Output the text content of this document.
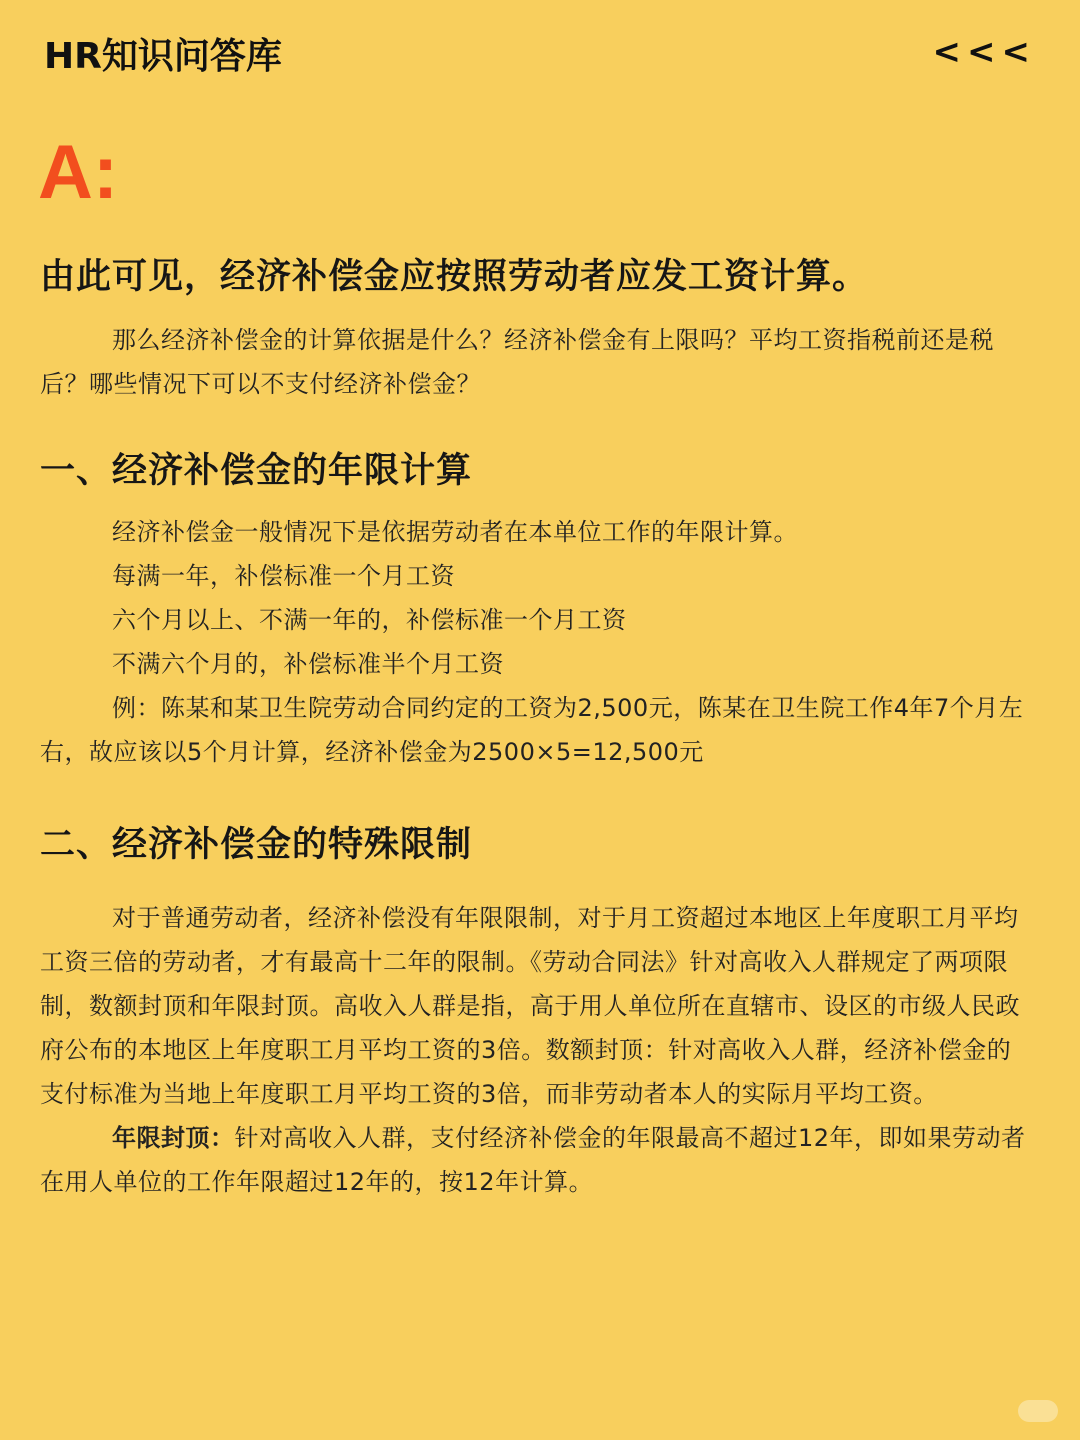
HR知识问答库	<<<
A:
由此可见，经济补偿金应按照劳动者应发工资计算。

那么经济补偿金的计算依据是什么？经济补偿金有上限吗？平均工资指税前还是税后？哪些情况下可以不支付经济补偿金？

一、经济补偿金的年限计算
经济补偿金一般情况下是依据劳动者在本单位工作的年限计算。
每满一年，补偿标准一个月工资
六个月以上、不满一年的，补偿标准一个月工资
不满六个月的，补偿标准半个月工资

例：陈某和某卫生院劳动合同约定的工资为2,500元，陈某在卫生院工作4年7个月左右，故应该以5个月计算，经济补偿金为2500×5=12,500元

二、经济补偿金的特殊限制

对于普通劳动者，经济补偿没有年限限制，对于月工资超过本地区上年度职工月平均工资三倍的劳动者，才有最高十二年的限制。《劳动合同法》针对高收入人群规定了两项限制，数额封顶和年限封顶。高收入人群是指，高于用人单位所在直辖市、设区的市级人民政府公布的本地区上年度职工月平均工资的3倍。数额封顶：针对高收入人群，经济补偿金的支付标准为当地上年度职工月平均工资的3倍，而非劳动者本人的实际月平均工资。

年限封顶：针对高收入人群，支付经济补偿金的年限最高不超过12年，即如果劳动者在用人单位的工作年限超过12年的，按12年计算。
